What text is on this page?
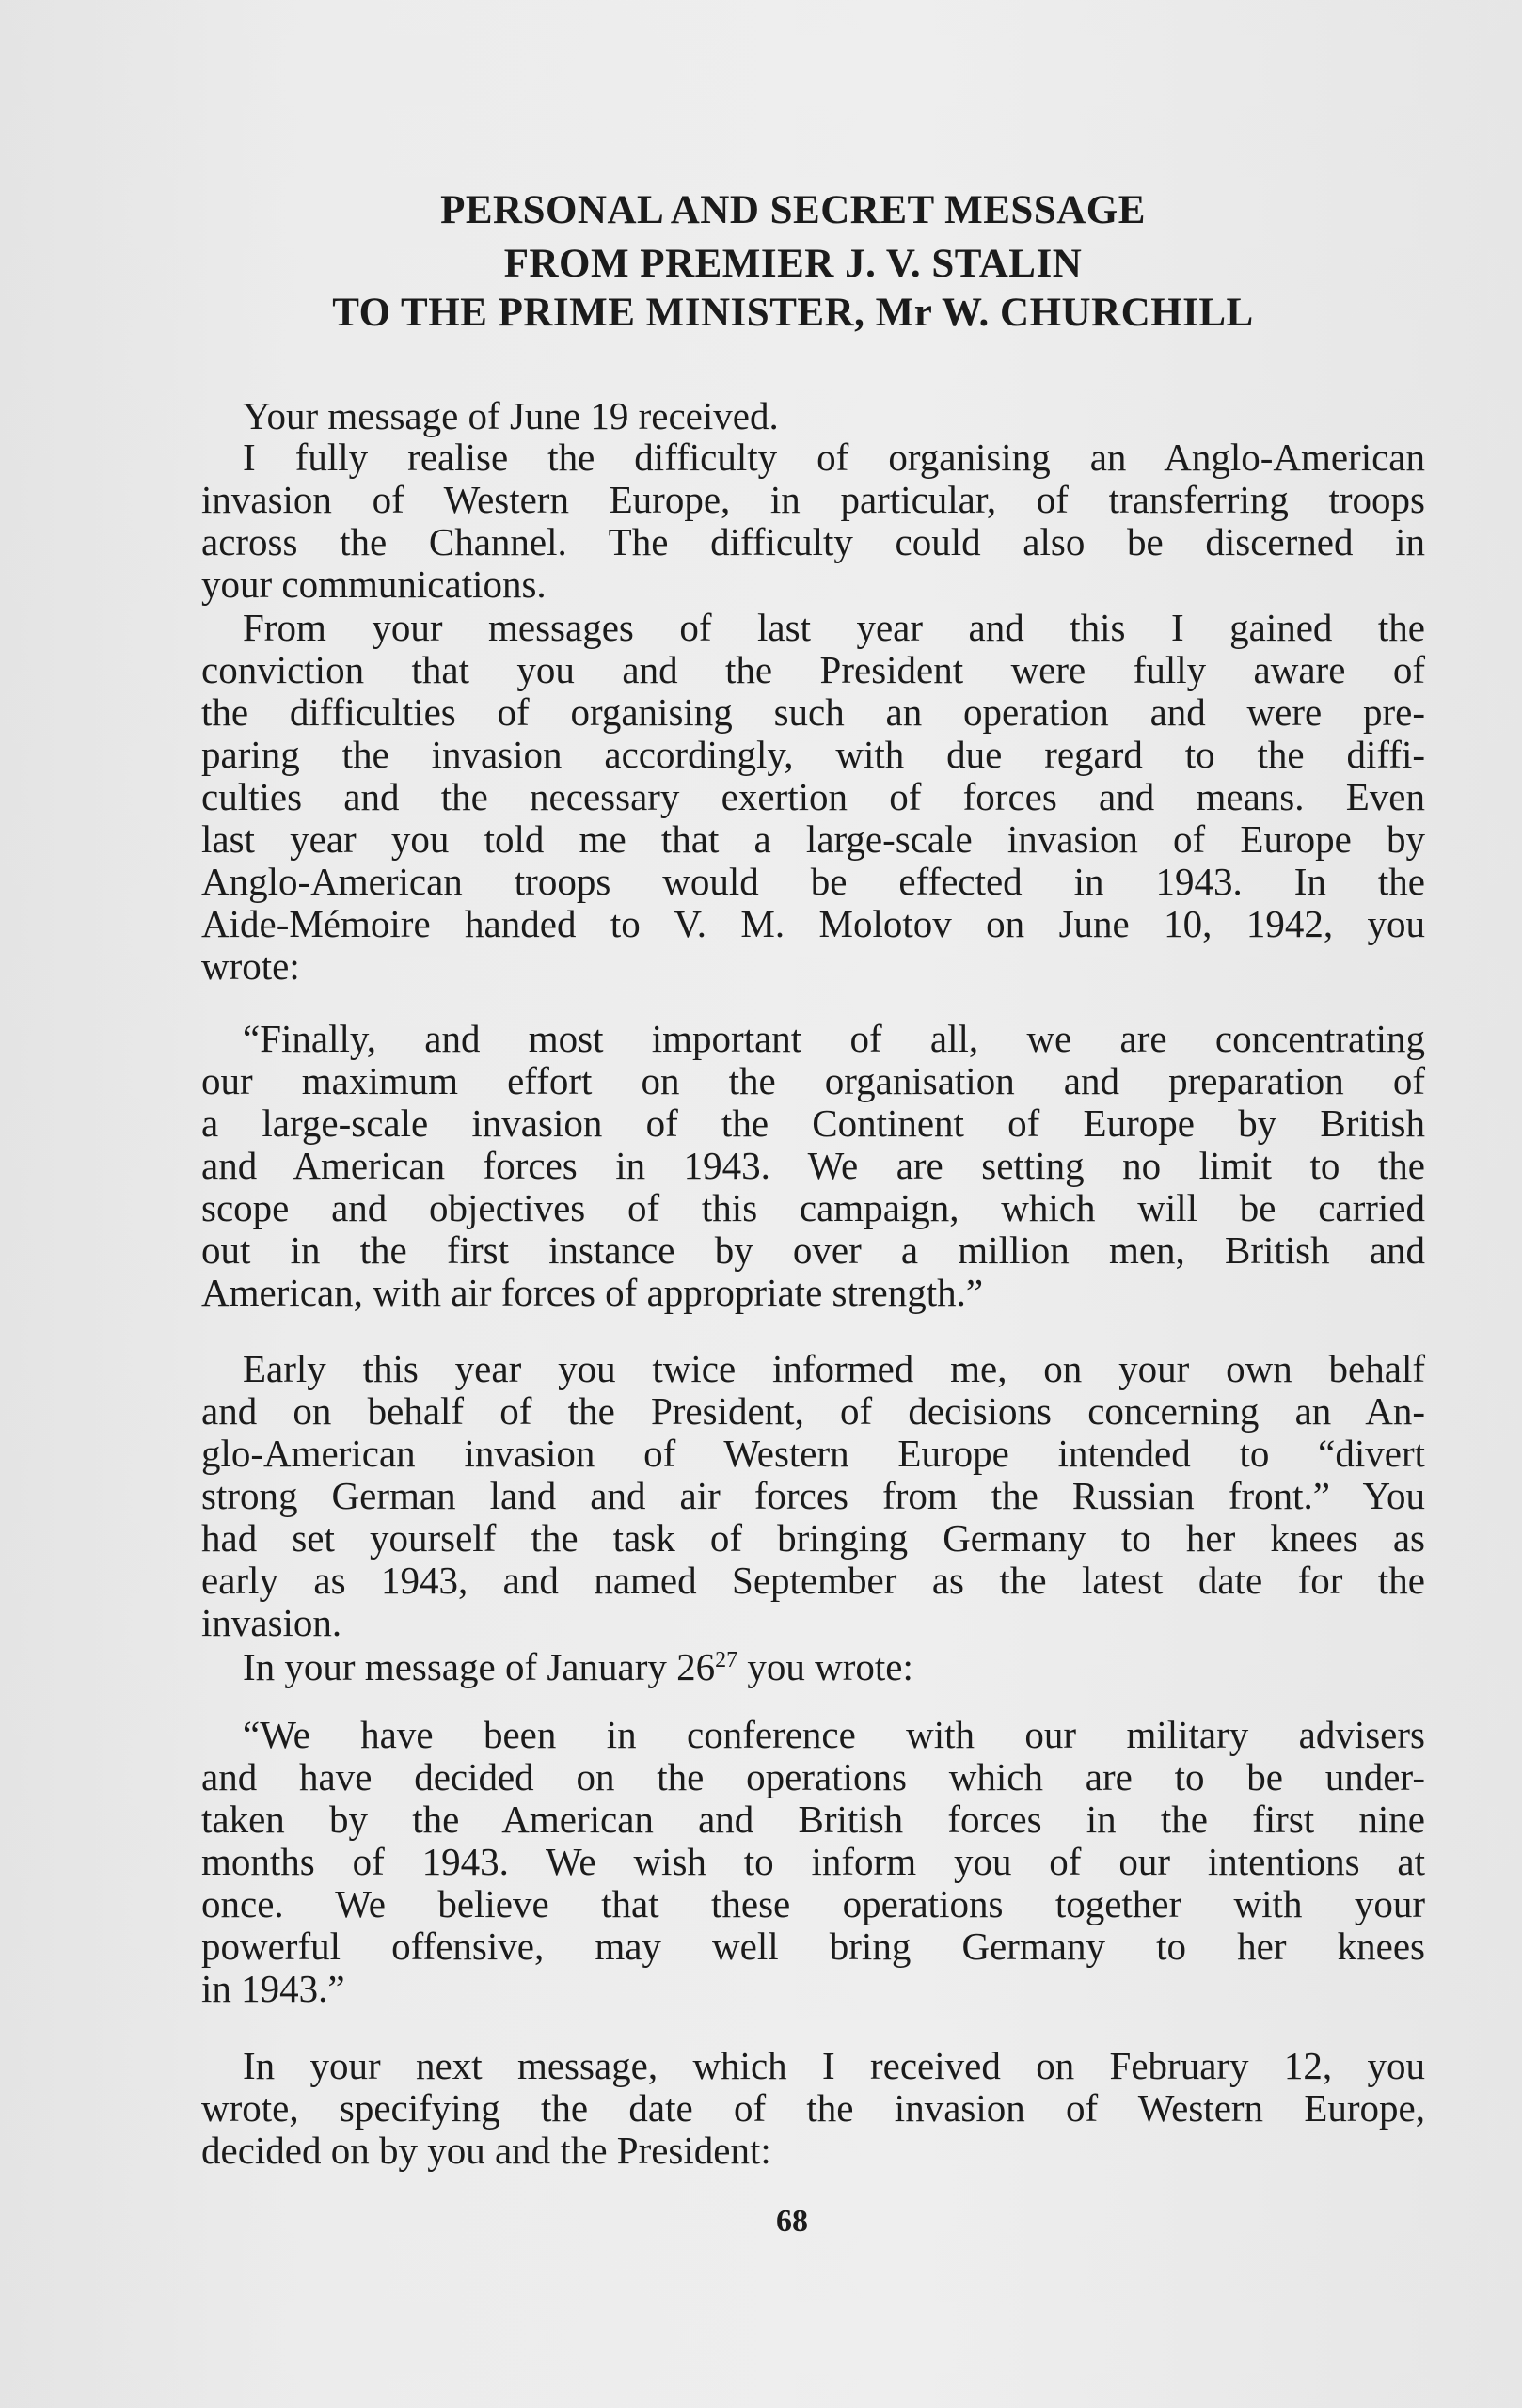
PERSONAL AND SECRET MESSAGE
FROM PREMIER J. V. STALIN
TO THE PRIME MINISTER, Mr W. CHURCHILL
Your message of June 19 received.
I fully realise the difficulty of organising an Anglo-American
invasion of Western Europe, in particular, of transferring troops
across the Channel. The difficulty could also be discerned in
your communications.
From your messages of last year and this I gained the
conviction that you and the President were fully aware of
the difficulties of organising such an operation and were pre-
paring the invasion accordingly, with due regard to the diffi-
culties and the necessary exertion of forces and means. Even
last year you told me that a large-scale invasion of Europe by
Anglo-American troops would be effected in 1943. In the
Aide-Mémoire handed to V. M. Molotov on June 10, 1942, you
wrote:
“Finally, and most important of all, we are concentrating
our maximum effort on the organisation and preparation of
a large-scale invasion of the Continent of Europe by British
and American forces in 1943. We are setting no limit to the
scope and objectives of this campaign, which will be carried
out in the first instance by over a million men, British and
American, with air forces of appropriate strength.”
Early this year you twice informed me, on your own behalf
and on behalf of the President, of decisions concerning an An-
glo-American invasion of Western Europe intended to “divert
strong German land and air forces from the Russian front.” You
had set yourself the task of bringing Germany to her knees as
early as 1943, and named September as the latest date for the
invasion.
In your message of January $26^{27}$ you wrote:
“We have been in conference with our military advisers
and have decided on the operations which are to be under-
taken by the American and British forces in the first nine
months of 1943. We wish to inform you of our intentions at
once. We believe that these operations together with your
powerful offensive, may well bring Germany to her knees
in 1943.”
In your next message, which I received on February 12, you
wrote, specifying the date of the invasion of Western Europe,
decided on by you and the President:
68
